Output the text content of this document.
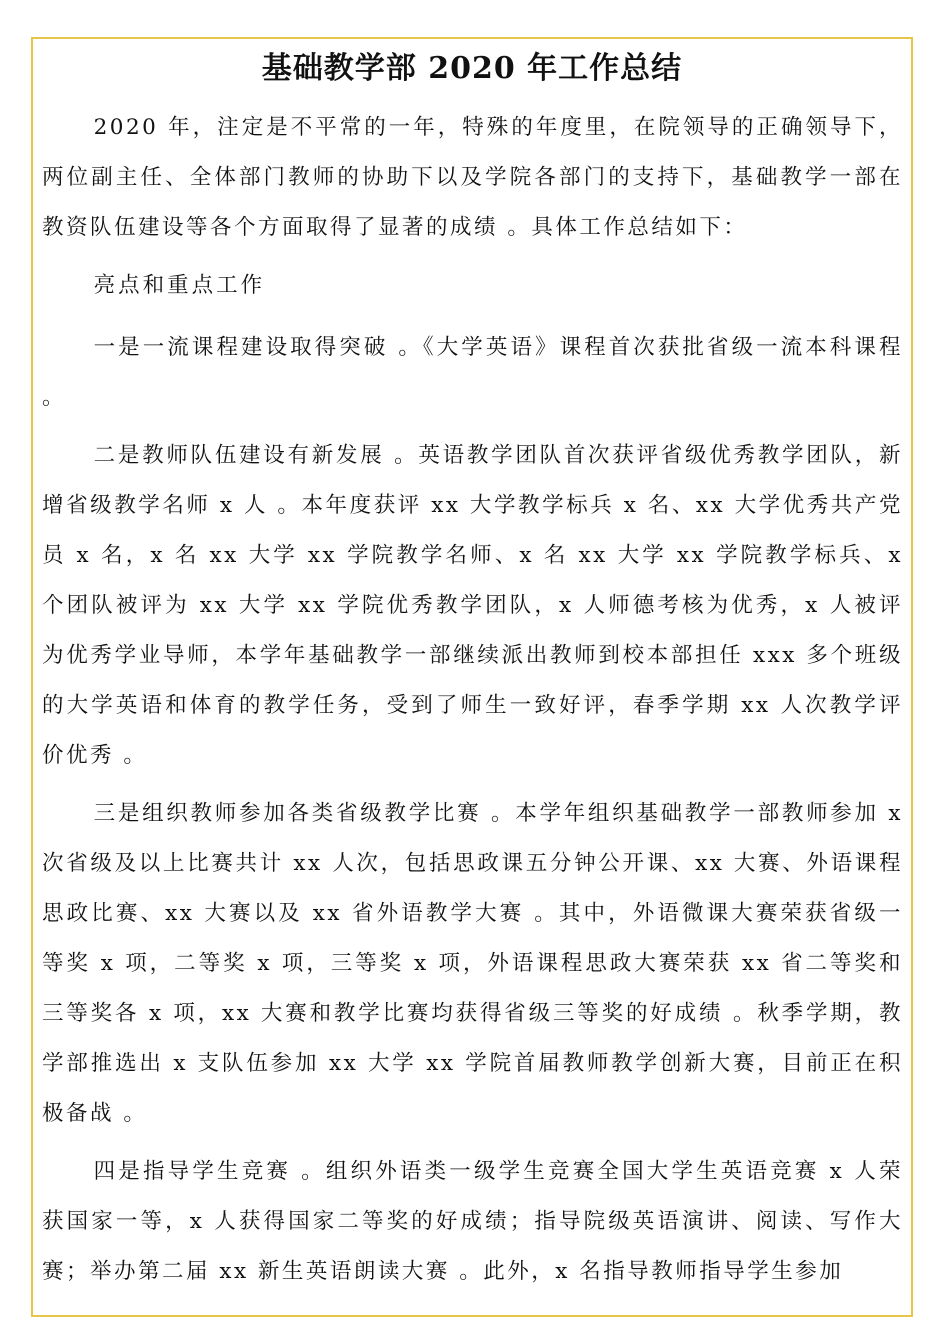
基础教学部 2020 年工作总结

2020 年，注定是不平常的一年，特殊的年度里，在院领导的正确领导下，两位副主任、全体部门教师的协助下以及学院各部门的支持下，基础教学一部在教资队伍建设等各个方面取得了显著的成绩 。具体工作总结如下：

亮点和重点工作

一是一流课程建设取得突破 。《大学英语》课程首次获批省级一流本科课程 。

二是教师队伍建设有新发展 。英语教学团队首次获评省级优秀教学团队，新增省级教学名师 x 人 。本年度获评 xx 大学教学标兵 x 名、xx 大学优秀共产党员 x 名，x 名 xx 大学 xx 学院教学名师、x 名 xx 大学 xx 学院教学标兵、x 个团队被评为 xx 大学 xx 学院优秀教学团队，x 人师德考核为优秀，x 人被评为优秀学业导师，本学年基础教学一部继续派出教师到校本部担任 xxx 多个班级的大学英语和体育的教学任务，受到了师生一致好评，春季学期 xx 人次教学评价优秀 。

三是组织教师参加各类省级教学比赛 。本学年组织基础教学一部教师参加 x 次省级及以上比赛共计 xx 人次，包括思政课五分钟公开课、xx 大赛、外语课程思政比赛、xx 大赛以及 xx 省外语教学大赛 。其中，外语微课大赛荣获省级一等奖 x 项，二等奖 x 项，三等奖 x 项，外语课程思政大赛荣获 xx 省二等奖和三等奖各 x 项，xx 大赛和教学比赛均获得省级三等奖的好成绩 。秋季学期，教学部推选出 x 支队伍参加 xx 大学 xx 学院首届教师教学创新大赛，目前正在积极备战 。

四是指导学生竞赛 。组织外语类一级学生竞赛全国大学生英语竞赛 x 人荣获国家一等，x 人获得国家二等奖的好成绩；指导院级英语演讲、阅读、写作大赛；举办第二届 xx 新生英语朗读大赛 。此外，x 名指导教师指导学生参加
